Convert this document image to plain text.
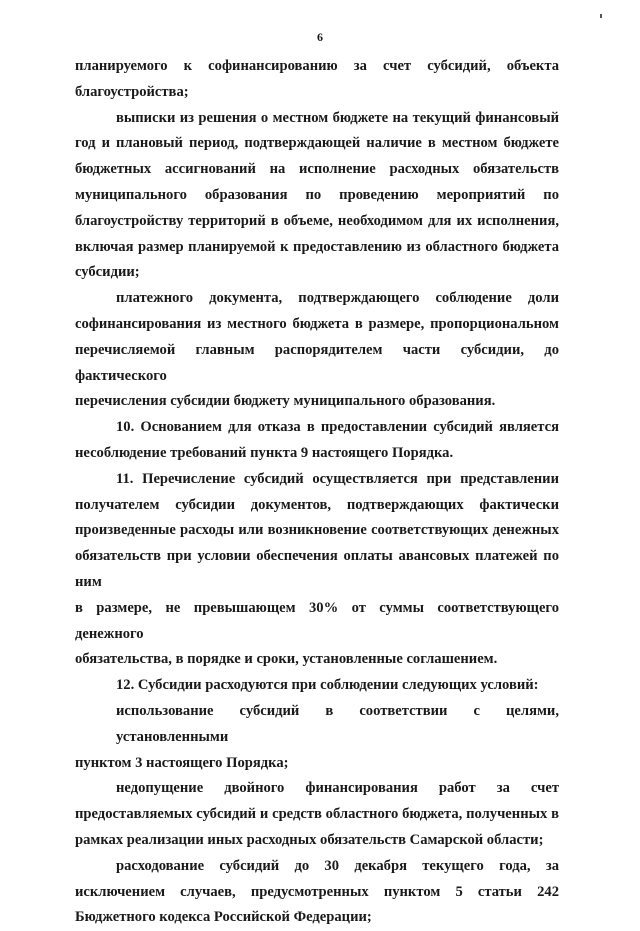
6
планируемого к софинансированию за счет субсидий, объекта
благоустройства;
выписки из решения о местном бюджете на текущий финансовый
год и плановый период, подтверждающей наличие в местном бюджете
бюджетных ассигнований на исполнение расходных обязательств
муниципального образования по проведению мероприятий по
благоустройству территорий в объеме, необходимом для их исполнения,
включая размер планируемой к предоставлению из областного бюджета
субсидии;
платежного документа, подтверждающего соблюдение доли
софинансирования из местного бюджета в размере, пропорциональном
перечисляемой главным распорядителем части субсидии, до фактического
перечисления субсидии бюджету муниципального образования.
10. Основанием для отказа в предоставлении субсидий является
несоблюдение требований пункта 9 настоящего Порядка.
11. Перечисление субсидий осуществляется при представлении
получателем субсидии документов, подтверждающих фактически
произведенные расходы или возникновение соответствующих денежных
обязательств при условии обеспечения оплаты авансовых платежей по ним
в размере, не превышающем 30% от суммы соответствующего денежного
обязательства, в порядке и сроки, установленные соглашением.
12. Субсидии расходуются при соблюдении следующих условий:
использование субсидий в соответствии с целями, установленными
пунктом 3 настоящего Порядка;
недопущение двойного финансирования работ за счет
предоставляемых субсидий и средств областного бюджета, полученных в
рамках реализации иных расходных обязательств Самарской области;
расходование субсидий до 30 декабря текущего года, за
исключением случаев, предусмотренных пунктом 5 статьи 242
Бюджетного кодекса Российской Федерации;
